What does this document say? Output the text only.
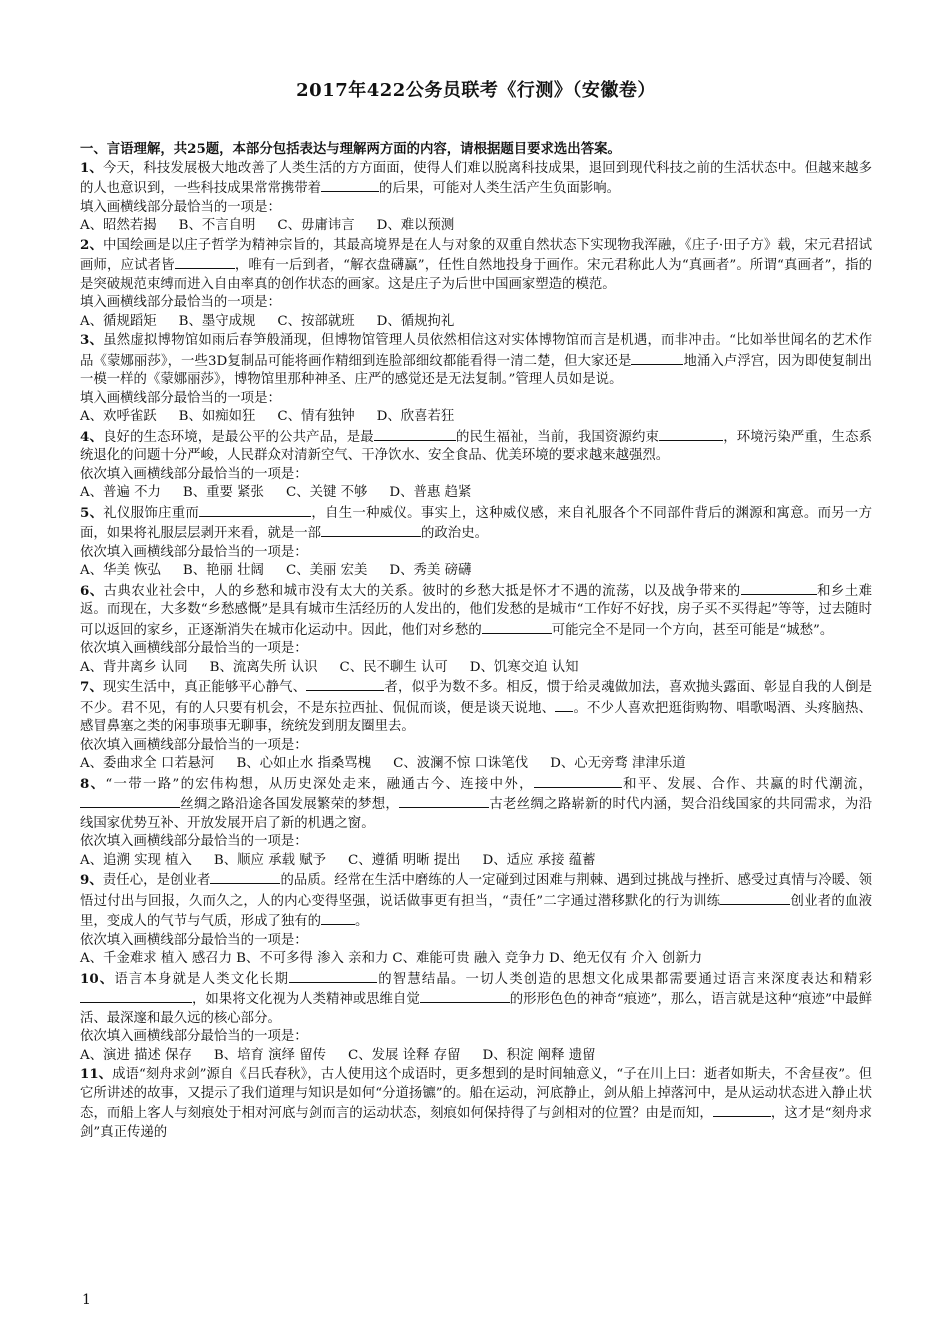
2017年422公务员联考《行测》（安徽卷）
一、言语理解，共25题，本部分包括表达与理解两方面的内容，请根据题目要求选出答案。

1、今天，科技发展极大地改善了人类生活的方方面面，使得人们难以脱离科技成果，退回到现代科技之前的生活状态中。但越来越多的人也意识到，一些科技成果常常携带着	的后果，可能对人类生活产生负面影响。

填入画横线部分最恰当的一项是：

A、昭然若揭 B、不言自明 C、毋庸讳言 D、难以预测

2、中国绘画是以庄子哲学为精神宗旨的，其最高境界是在人与对象的双重自然状态下实现物我浑融，《庄子·田子方》载，宋元君招试画师，应试者皆	，唯有一后到者，“解衣盘礴赢”，任性自然地投身于画作。宋元君称此人为“真画者”。所谓“真画者”，指的是突破规范束缚而进入自由率真的创作状态的画家。这是庄子为后世中国画家塑造的模范。

填入画横线部分最恰当的一项是：

A、循规蹈矩 B、墨守成规 C、按部就班 D、循规拘礼

3、虽然虚拟博物馆如雨后春笋般涌现，但博物馆管理人员依然相信这对实体博物馆而言是机遇，而非冲击。“比如举世闻名的艺术作品《蒙娜丽莎》，一些3D复制品可能将画作精细到连脸部细纹都能看得一清二楚，但大家还是	地涌入卢浮宫，因为即使复制出一模一样的《蒙娜丽莎》，博物馆里那种神圣、庄严的感觉还是无法复制。”管理人员如是说。

填入画横线部分最恰当的一项是：

A、欢呼雀跃 B、如痴如狂 C、情有独钟 D、欣喜若狂

4、良好的生态环境，是最公平的公共产品，是最	的民生福祉，当前，我国资源约束	，环境污染严重，生态系统退化的问题十分严峻，人民群众对清新空气、干净饮水、安全食品、优美环境的要求越来越强烈。

依次填入画横线部分最恰当的一项是：

A、普遍 不力 B、重要 紧张 C、关键 不够 D、普惠 趋紧

5、礼仪服饰庄重而	，自生一种威仪。事实上，这种威仪感，来自礼服各个不同部件背后的渊源和寓意。而另一方面，如果将礼服层层剥开来看，就是一部	的政治史。

依次填入画横线部分最恰当的一项是：

A、华美 恢弘 B、艳丽 壮阔 C、美丽 宏美 D、秀美 磅礴

6、古典农业社会中，人的乡愁和城市没有太大的关系。彼时的乡愁大抵是怀才不遇的流荡，以及战争带来的	和乡土难返。而现在，大多数“乡愁感慨”是具有城市生活经历的人发出的，他们发愁的是城市“工作好不好找，房子买不买得起”等等，过去随时可以返回的家乡，正逐渐消失在城市化运动中。因此，他们对乡愁的	可能完全不是同一个方向，甚至可能是“城愁”。

依次填入画横线部分最恰当的一项是：

A、背井离乡 认同 B、流离失所 认识 C、民不聊生 认可 D、饥寒交迫 认知

7、现实生活中，真正能够平心静气、	者，似乎为数不多。相反，惯于给灵魂做加法，喜欢抛头露面、彰显自我的人倒是不少。君不见，有的人只要有机会，不是东拉西扯、侃侃而谈，便是谈天说地、 。不少人喜欢把逛街购物、唱歌喝酒、头疼脑热、感冒鼻塞之类的闲事琐事无聊事，统统发到朋友圈里去。

依次填入画横线部分最恰当的一项是：

A、委曲求全 口若悬河 B、心如止水 指桑骂槐 C、波澜不惊 口诛笔伐 D、心无旁骛 津津乐道

8、“一带一路”的宏伟构想，从历史深处走来，融通古今、连接中外，	和平、发展、合作、共赢的时代潮流，丝绸之路沿途各国发展繁荣的梦想，	古老丝绸之路崭新的时代内涵，契合沿线国家的共同需求，为沿线国家优势互补、开放发展开启了新的机遇之窗。

依次填入画横线部分最恰当的一项是：

A、追溯 实现 植入 B、顺应 承载 赋予 C、遵循 明晰 提出 D、适应 承接 蕴蓄

9、责任心，是创业者	的品质。经常在生活中磨练的人一定碰到过困难与荆棘、遇到过挑战与挫折、感受过真情与冷暖、领悟过付出与回报，久而久之，人的内心变得坚强，说话做事更有担当，“责任”二字通过潜移默化的行为训练	创业者的血液里，变成人的气节与气质，形成了独有的	。

依次填入画横线部分最恰当的一项是：

A、千金难求 植入 感召力 B、不可多得 渗入 亲和力 C、难能可贵 融入 竞争力 D、绝无仅有 介入 创新力

10、语言本身就是人类文化长期	的智慧结晶。一切人类创造的思想文化成果都需要通过语言来深度表达和精彩，如果将文化视为人类精神或思维自觉	的形形色色的神奇“痕迹”，那么，语言就是这种“痕迹”中最鲜活、最深邃和最久远的核心部分。

依次填入画横线部分最恰当的一项是：

A、演进 描述 保存 B、培育 演绎 留传 C、发展 诠释 存留 D、积淀 阐释 遗留

11、成语“刻舟求剑”源自《吕氏春秋》，古人使用这个成语时，更多想到的是时间轴意义，“子在川上曰：逝者如斯夫，不舍昼夜”。但它所讲述的故事，又提示了我们道理与知识是如何“分道扬镳”的。船在运动，河底静止，剑从船上掉落河中，是从运动状态进入静止状态，而船上客人与刻痕处于相对河底与剑而言的运动状态，刻痕如何保持得了与剑相对的位置？由是而知，	，这才是“刻舟求剑”真正传递的

1
